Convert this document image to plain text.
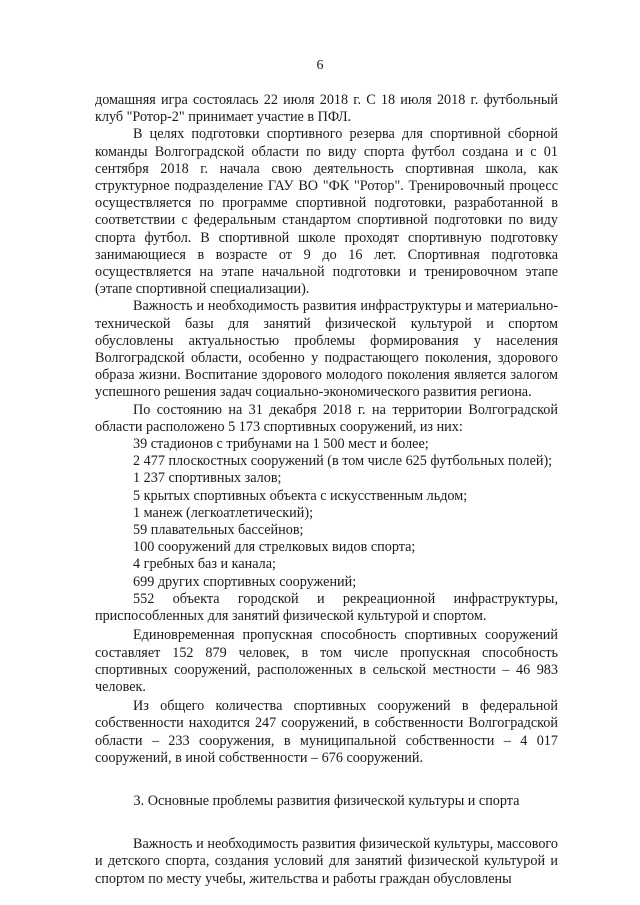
6

домашняя игра состоялась 22 июля 2018 г. С 18 июля 2018 г. футбольный клуб "Ротор-2" принимает участие в ПФЛ.

В целях подготовки спортивного резерва для спортивной сборной команды Волгоградской области по виду спорта футбол создана и с 01 сентября 2018 г. начала свою деятельность спортивная школа, как структурное подразделение ГАУ ВО "ФК "Ротор". Тренировочный процесс осуществляется по программе спортивной подготовки, разработанной в соответствии с федеральным стандартом спортивной подготовки по виду спорта футбол. В спортивной школе проходят спортивную подготовку занимающиеся в возрасте от 9 до 16 лет. Спортивная подготовка осуществляется на этапе начальной подготовки и тренировочном этапе (этапе спортивной специализации).

Важность и необходимость развития инфраструктуры и материально-технической базы для занятий физической культурой и спортом обусловлены актуальностью проблемы формирования у населения Волгоградской области, особенно у подрастающего поколения, здорового образа жизни. Воспитание здорового молодого поколения является залогом успешного решения задач социально-экономического развития региона.

По состоянию на 31 декабря 2018 г. на территории Волгоградской области расположено 5 173 спортивных сооружений, из них:

39 стадионов с трибунами на 1 500 мест и более;

2 477 плоскостных сооружений (в том числе 625 футбольных полей);

1 237 спортивных залов;

5 крытых спортивных объекта с искусственным льдом;

1 манеж (легкоатлетический);

59 плавательных бассейнов;

100 сооружений для стрелковых видов спорта;

4 гребных баз и канала;

699 других спортивных сооружений;

552 объекта городской и рекреационной инфраструктуры, приспособленных для занятий физической культурой и спортом.

Единовременная пропускная способность спортивных сооружений составляет 152 879 человек, в том числе пропускная способность спортивных сооружений, расположенных в сельской местности – 46 983 человек.

Из общего количества спортивных сооружений в федеральной собственности находится 247 сооружений, в собственности Волгоградской области – 233 сооружения, в муниципальной собственности – 4 017 сооружений, в иной собственности – 676 сооружений.

3. Основные проблемы развития физической культуры и спорта

Важность и необходимость развития физической культуры, массового и детского спорта, создания условий для занятий физической культурой и спортом по месту учебы, жительства и работы граждан обусловлены
